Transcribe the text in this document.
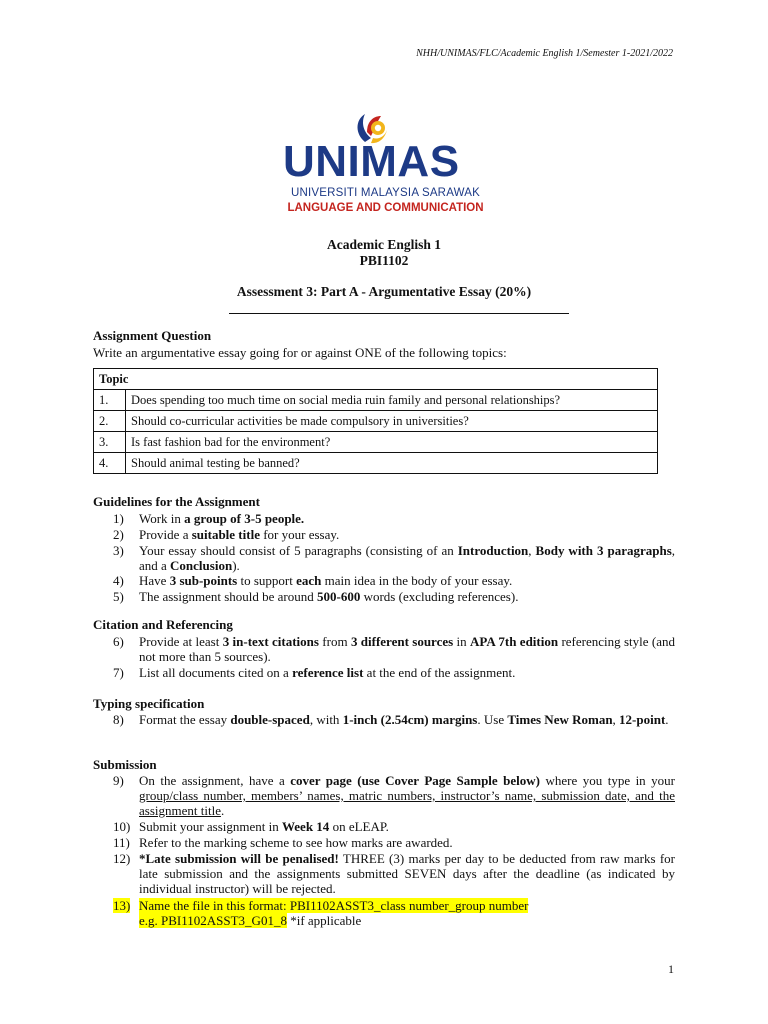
NHH/UNIMAS/FLC/Academic English 1/Semester 1-2021/2022
UNIMAS
UNIVERSITI MALAYSIA SARAWAK
LANGUAGE AND COMMUNICATION
Academic English 1
PBI1102
Assessment 3: Part A - Argumentative Essay (20%)
Assignment Question
Write an argumentative essay going for or against ONE of the following topics:
Topic	
1.	Does spending too much time on social media ruin family and personal relationships?
2.	Should co-curricular activities be made compulsory in universities?
3.	Is fast fashion bad for the environment?
4.	Should animal testing be banned?
Guidelines for the Assignment
1) Work in a group of 3-5 people.
2) Provide a suitable title for your essay.
3) Your essay should consist of 5 paragraphs (consisting of an Introduction, Body with 3 paragraphs, and a Conclusion).
4) Have 3 sub-points to support each main idea in the body of your essay.
5) The assignment should be around 500-600 words (excluding references).
Citation and Referencing
6) Provide at least 3 in-text citations from 3 different sources in APA 7th edition referencing style (and not more than 5 sources).
7) List all documents cited on a reference list at the end of the assignment.
Typing specification
8) Format the essay double-spaced, with 1-inch (2.54cm) margins. Use Times New Roman, 12-point.
Submission
9) On the assignment, have a cover page (use Cover Page Sample below) where you type in your group/class number, members’ names, matric numbers, instructor’s name, submission date, and the assignment title.
10) Submit your assignment in Week 14 on eLEAP.
11) Refer to the marking scheme to see how marks are awarded.
12) *Late submission will be penalised! THREE (3) marks per day to be deducted from raw marks for late submission and the assignments submitted SEVEN days after the deadline (as indicated by individual instructor) will be rejected.
13) Name the file in this format: PBI1102ASST3_class number_group number
e.g. PBI1102ASST3_G01_8 *if applicable
1
